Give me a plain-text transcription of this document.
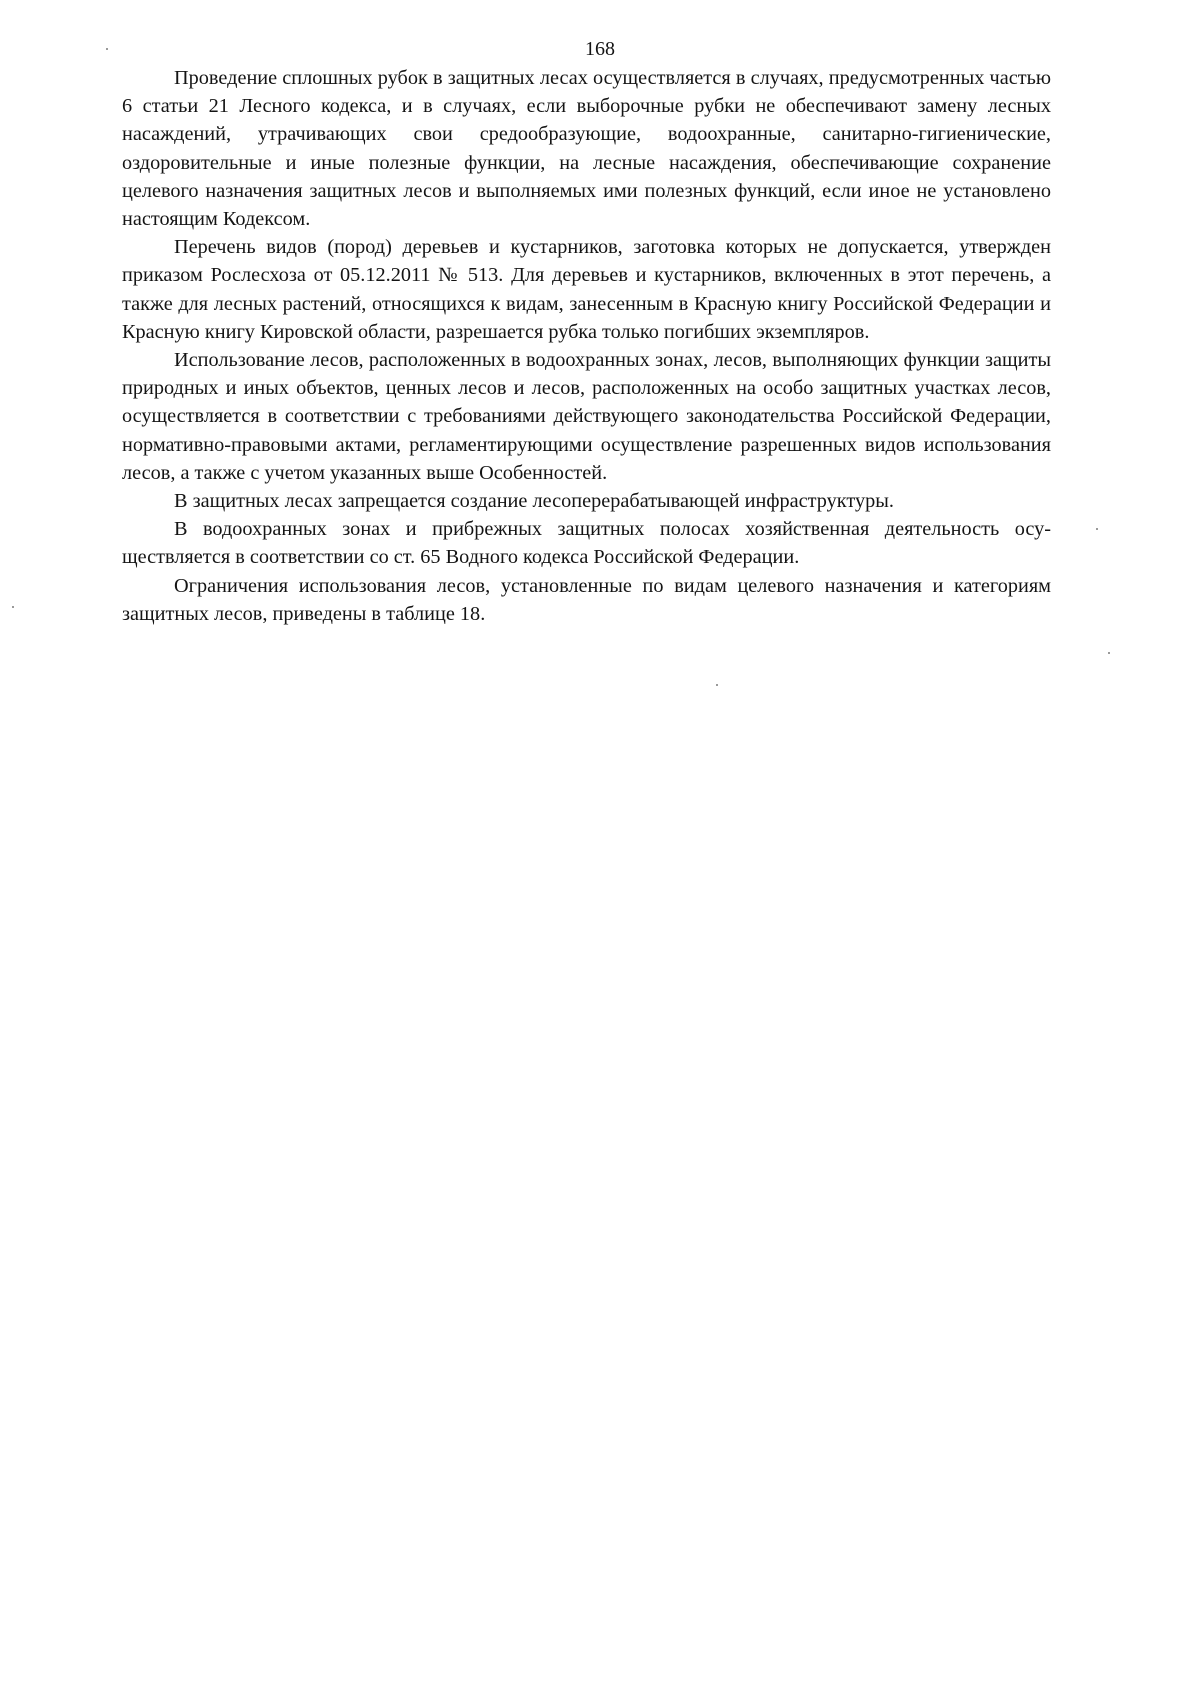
168

Проведение сплошных рубок в защитных лесах осуществляется в случаях, предусмотренных частью 6 статьи 21 Лесного кодекса, и в случаях, если выборочные рубки не обеспечивают замену лесных насаждений, утрачивающих свои средообразующие, водоохранные, санитарно-гигиенические, оздоровительные и иные полезные функции, на лесные насаждения, обеспечивающие сохранение целевого назначения защитных лесов и выполняемых ими полезных функций, если иное не установлено настоящим Кодексом.

Перечень видов (пород) деревьев и кустарников, заготовка которых не допускается, утвержден приказом Рослесхоза от 05.12.2011 № 513. Для деревьев и кустарников, включенных в этот перечень, а также для лесных растений, относящихся к видам, занесенным в Красную книгу Российской Федерации и Красную книгу Кировской области, разрешается рубка только погибших экземпляров.

Использование лесов, расположенных в водоохранных зонах, лесов, выполняющих функции защиты природных и иных объектов, ценных лесов и лесов, расположенных на особо защитных участках лесов, осуществляется в соответствии с требованиями действующего законодательства Российской Федерации, нормативно-правовыми актами, регламентирующими осуществление разрешенных видов использования лесов, а также с учетом указанных выше Особенностей.

В защитных лесах запрещается создание лесоперерабатывающей инфраструктуры.

В водоохранных зонах и прибрежных защитных полосах хозяйственная деятельность осуществляется в соответствии со ст. 65 Водного кодекса Российской Федерации.

Ограничения использования лесов, установленные по видам целевого назначения и категориям защитных лесов, приведены в таблице 18.
